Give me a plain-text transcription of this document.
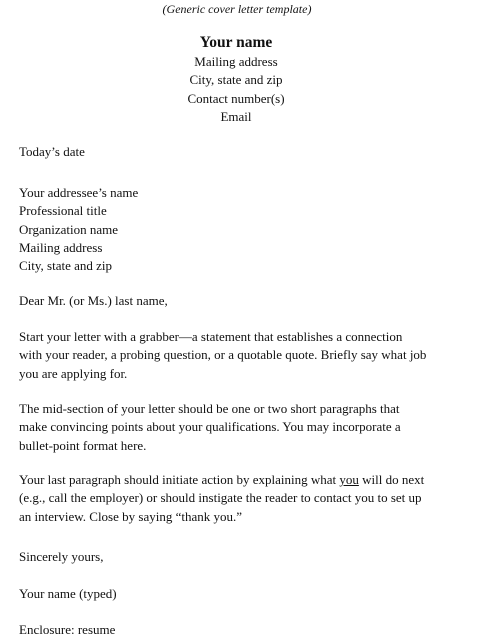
(Generic cover letter template)
Your name
Mailing address
City, state and zip
Contact number(s)
Email
Today’s date
Your addressee’s name
Professional title
Organization name
Mailing address
City, state and zip
Dear Mr. (or Ms.) last name,
Start your letter with a grabber—a statement that establishes a connection
with your reader, a probing question, or a quotable quote. Briefly say what job
you are applying for.
The mid-section of your letter should be one or two short paragraphs that
make convincing points about your qualifications. You may incorporate a
bullet-point format here.
Your last paragraph should initiate action by explaining what you will do next
(e.g., call the employer) or should instigate the reader to contact you to set up
an interview. Close by saying “thank you.”
Sincerely yours,
Your name (typed)
Enclosure: resume
